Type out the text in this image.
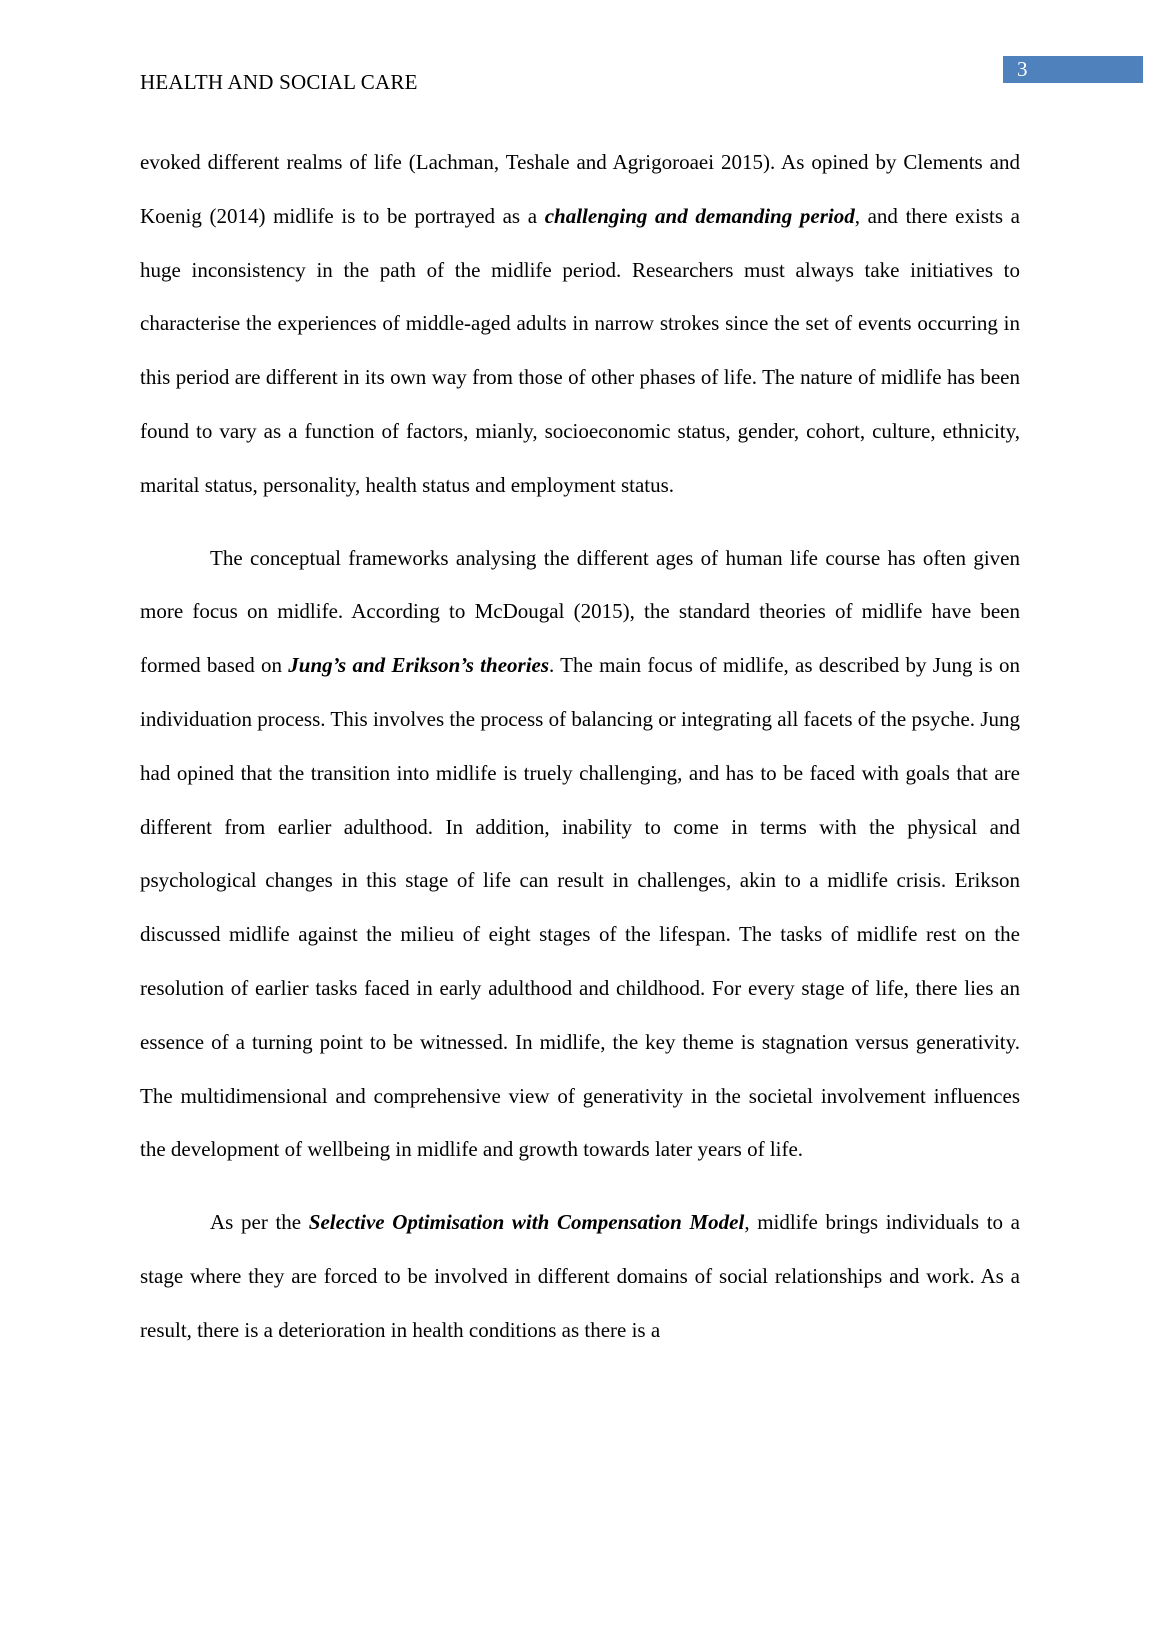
3
HEALTH AND SOCIAL CARE

evoked different realms of life (Lachman, Teshale and Agrigoroaei 2015). As opined by Clements and Koenig (2014) midlife is to be portrayed as a challenging and demanding period, and there exists a huge inconsistency in the path of the midlife period. Researchers must always take initiatives to characterise the experiences of middle-aged adults in narrow strokes since the set of events occurring in this period are different in its own way from those of other phases of life. The nature of midlife has been found to vary as a function of factors, mianly, socioeconomic status, gender, cohort, culture, ethnicity, marital status, personality, health status and employment status.

The conceptual frameworks analysing the different ages of human life course has often given more focus on midlife. According to McDougal (2015), the standard theories of midlife have been formed based on Jung’s and Erikson’s theories. The main focus of midlife, as described by Jung is on individuation process. This involves the process of balancing or integrating all facets of the psyche. Jung had opined that the transition into midlife is truely challenging, and has to be faced with goals that are different from earlier adulthood. In addition, inability to come in terms with the physical and psychological changes in this stage of life can result in challenges, akin to a midlife crisis. Erikson discussed midlife against the milieu of eight stages of the lifespan. The tasks of midlife rest on the resolution of earlier tasks faced in early adulthood and childhood. For every stage of life, there lies an essence of a turning point to be witnessed. In midlife, the key theme is stagnation versus generativity. The multidimensional and comprehensive view of generativity in the societal involvement influences the development of wellbeing in midlife and growth towards later years of life.

As per the Selective Optimisation with Compensation Model, midlife brings individuals to a stage where they are forced to be involved in different domains of social relationships and work. As a result, there is a deterioration in health conditions as there is a
